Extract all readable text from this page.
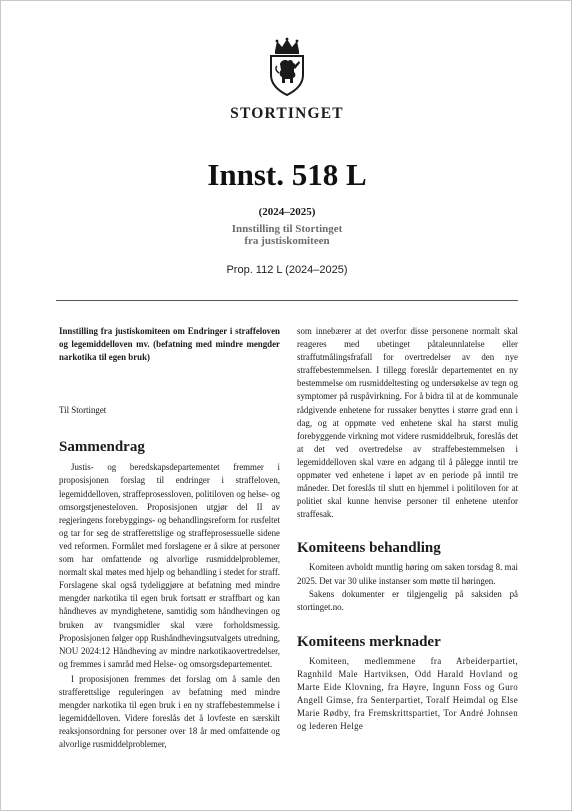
STORTINGET
Innst. 518 L
(2024–2025)
Innstilling til Stortinget
fra justiskomiteen
Prop. 112 L (2024–2025)

Innstilling fra justiskomiteen om Endringer i straffeloven og legemiddelloven mv. (befatning med mindre mengder narkotika til egen bruk)

Til Stortinget

Sammendrag

Justis- og beredskapsdepartementet fremmer i proposisjonen forslag til endringer i straffeloven, legemiddelloven, straffeprosessloven, politiloven og helse- og omsorgstjenesteloven. Proposisjonen utgjør del II av regjeringens forebyggings- og behandlingsreform for rusfeltet og tar for seg de strafferettslige og straffeprosessuelle sidene ved reformen. Formålet med forslagene er å sikre at personer som har omfattende og alvorlige rusmiddelproblemer, normalt skal møtes med hjelp og behandling i stedet for straff. Forslagene skal også tydeliggjøre at befatning med mindre mengder narkotika til egen bruk fortsatt er straffbart og kan håndheves av myndighetene, samtidig som håndhevingen og bruken av tvangsmidler skal være forholdsmessig. Proposisjonen følger opp Rushåndhevingsutvalgets utredning, NOU 2024:12 Håndheving av mindre narkotikaovertredelser, og fremmes i samråd med Helse- og omsorgsdepartementet.

I proposisjonen fremmes det forslag om å samle den strafferettslige reguleringen av befatning med mindre mengder narkotika til egen bruk i en ny straffebestemmelse i legemiddelloven. Videre foreslås det å lovfeste en særskilt reaksjonsordning for personer over 18 år med omfattende og alvorlige rusmiddelproblemer,

som innebærer at det overfor disse personene normalt skal reageres med ubetinget påtaleunnlatelse eller straffutmålingsfrafall for overtredelser av den nye straffebestemmelsen. I tillegg foreslår departementet en ny bestemmelse om rusmiddeltesting og undersøkelse av tegn og symptomer på ruspåvirkning. For å bidra til at de kommunale rådgivende enhetene for russaker benyttes i større grad enn i dag, og at oppmøte ved enhetene skal ha størst mulig forebyggende virkning mot videre rusmiddelbruk, foreslås det at det ved overtredelse av straffebestemmelsen i legemiddelloven skal være en adgang til å pålegge inntil tre oppmøter ved enhetene i løpet av en periode på inntil tre måneder. Det foreslås til slutt en hjemmel i politiloven for at politiet skal kunne henvise personer til enhetene utenfor straffesak.

Komiteens behandling

Komiteen avholdt muntlig høring om saken torsdag 8. mai 2025. Det var 30 ulike instanser som møtte til høringen.

Sakens dokumenter er tilgjengelig på saksiden på stortinget.no.

Komiteens merknader

Komiteen, medlemmene fra Arbeiderpartiet, Ragnhild Male Hartviksen, Odd Harald Hovland og Marte Eide Klovning, fra Høyre, Ingunn Foss og Guro Angell Gimse, fra Senterpartiet, Toralf Heimdal og Else Marie Rødby, fra Fremskrittspartiet, Tor André Johnsen og lederen Helge
